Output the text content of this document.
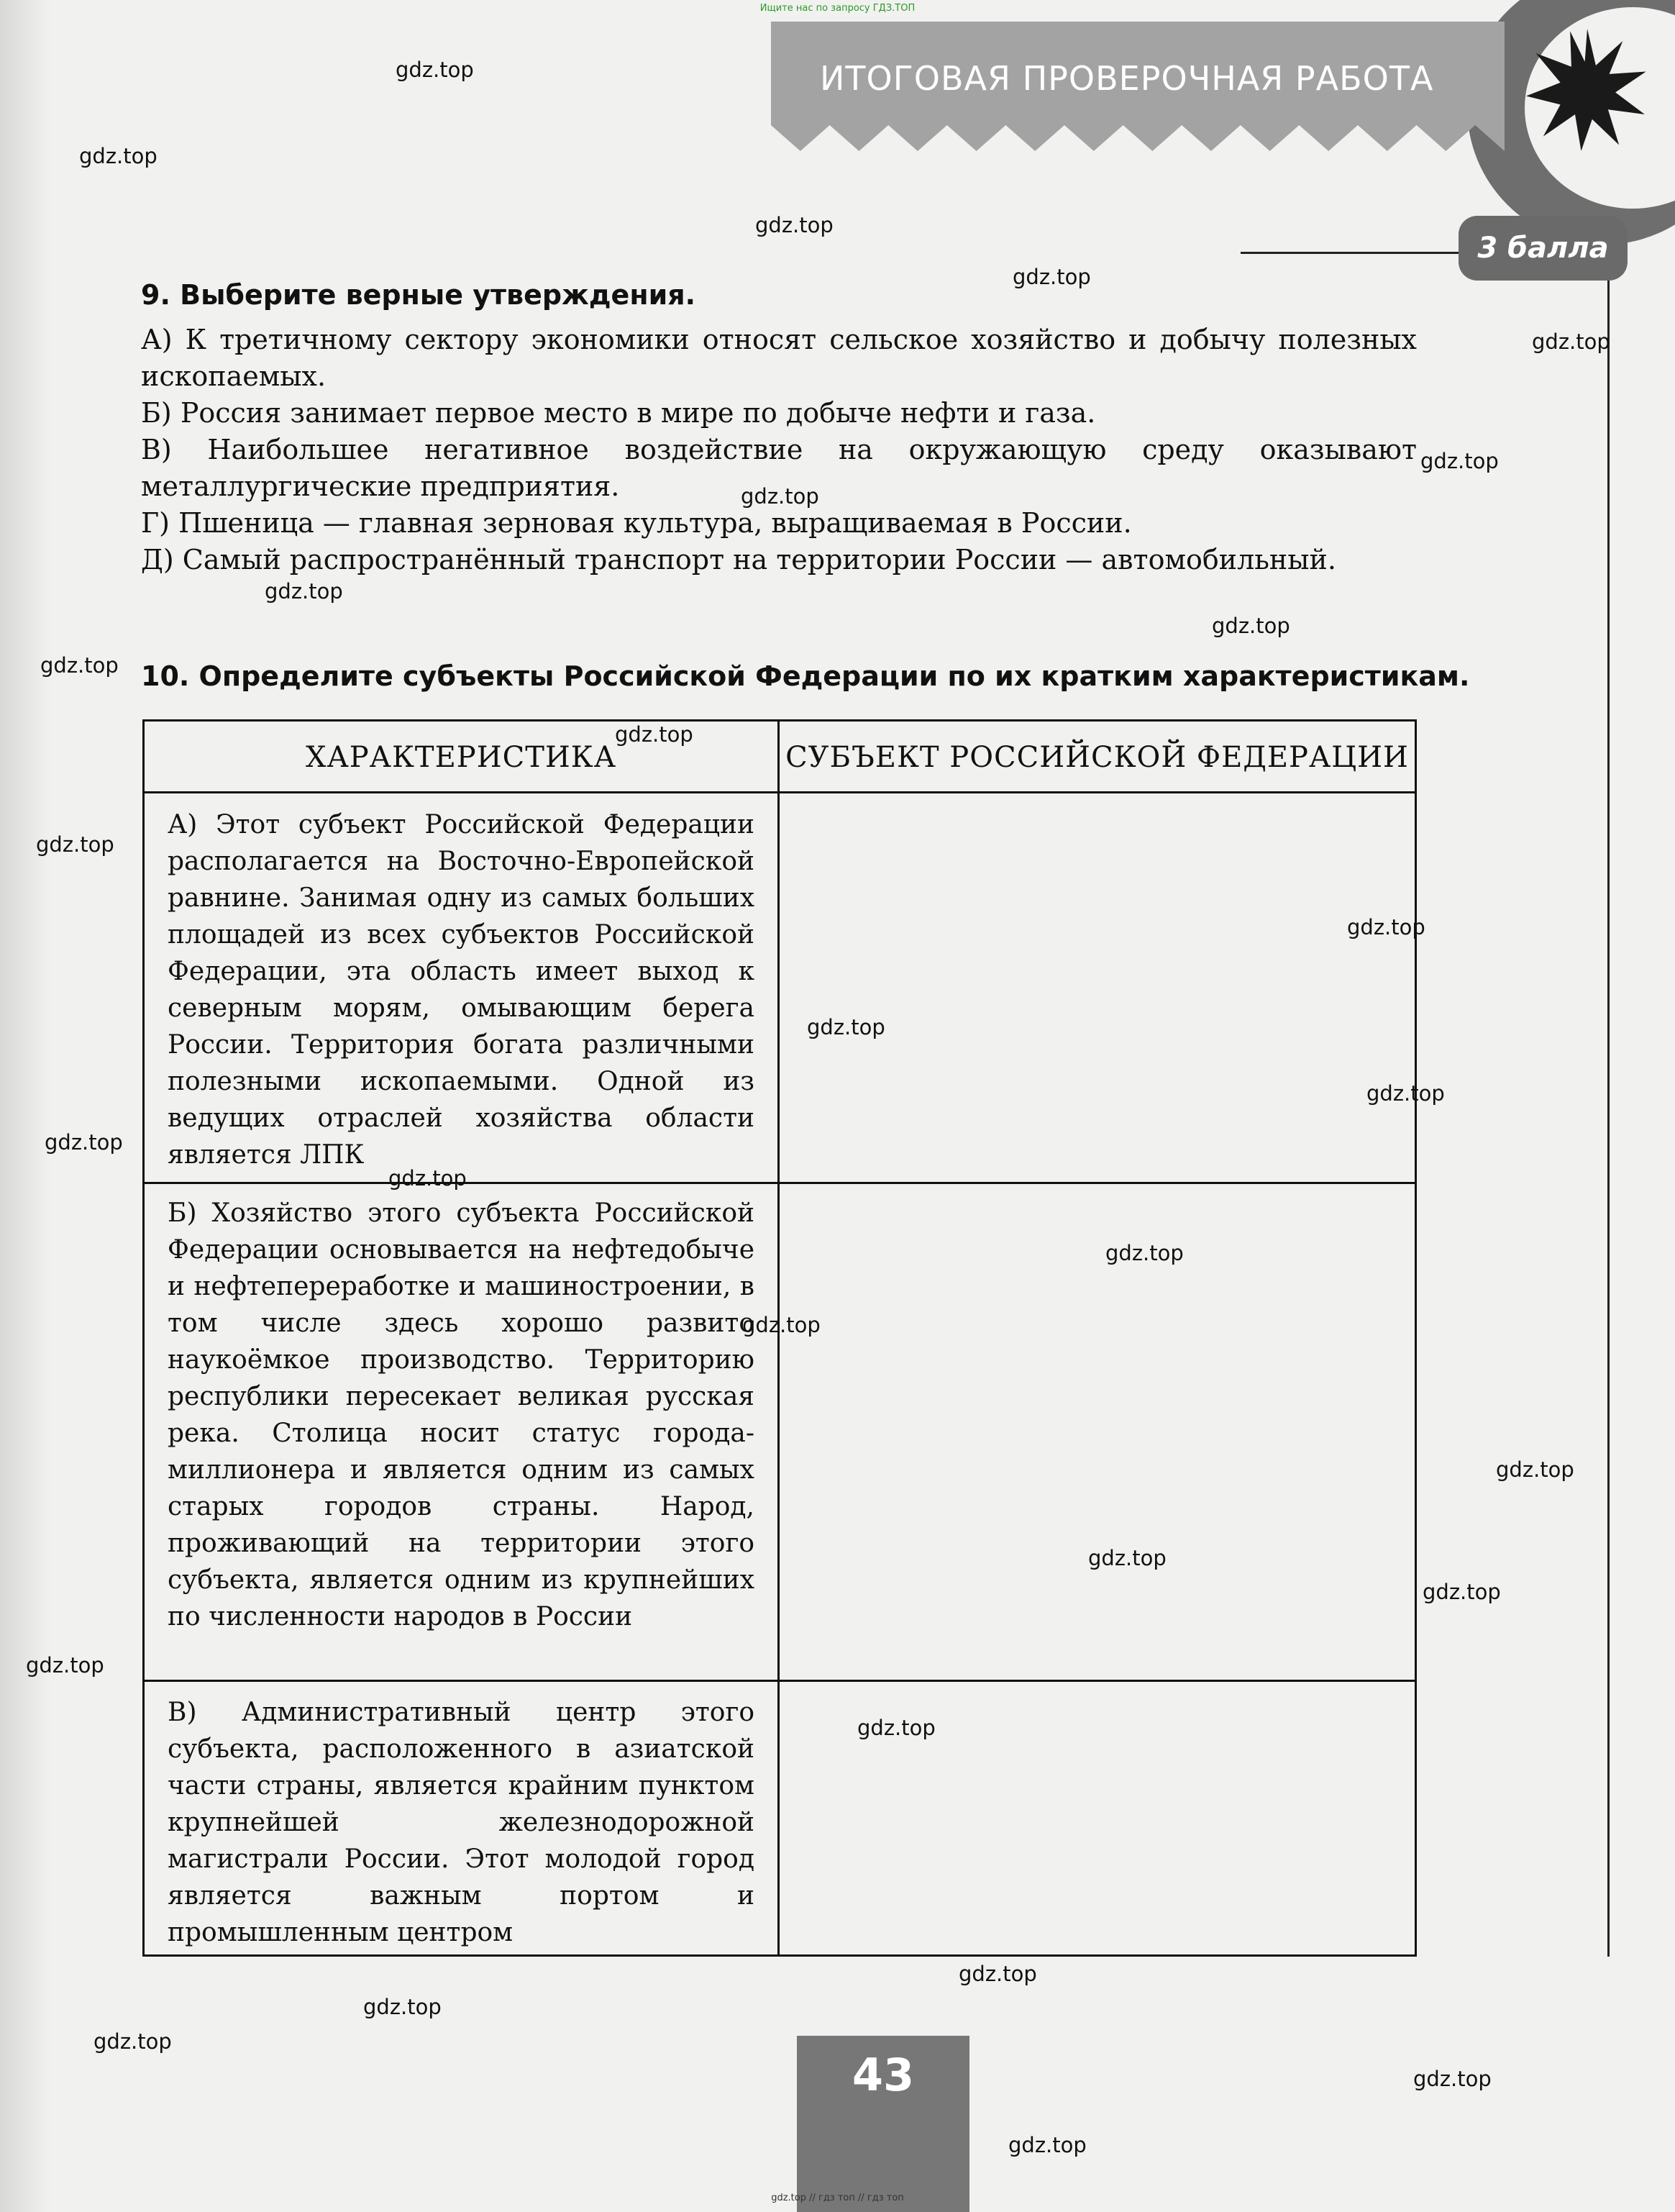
Ищите нас по запросу ГДЗ.ТОП
ИТОГОВАЯ ПРОВЕРОЧНАЯ РАБОТА
3 балла
9. Выберите верные утверждения.

А) К третичному сектору экономики относят сельское хозяйство и добычу полезных ископаемых.

Б) Россия занимает первое место в мире по добыче нефти и газа.

В) Наибольшее негативное воздействие на окружающую среду оказывают металлургические предприятия.

Г) Пшеница — главная зерновая культура, выращиваемая в России.

Д) Самый распространённый транспорт на территории России — автомобильный.

10. Определите субъекты Российской Федерации по их кратким характеристикам.
ХАРАКТЕРИСТИКА	СУБЪЕКТ РОССИЙСКОЙ ФЕДЕРАЦИИ
А) Этот субъект Российской Федерации располагается на Восточно-Европейской равнине. Занимая одну из самых больших площадей из всех субъектов Российской Федерации, эта область имеет выход к северным морям, омывающим берега России. Территория богата различными полезными ископаемыми. Одной из ведущих отраслей хозяйства области является ЛПК
Б) Хозяйство этого субъекта Российской Федерации основывается на нефтедобыче и нефтепереработке и машиностроении, в том числе здесь хорошо развито наукоёмкое производство. Территорию республики пересекает великая русская река. Столица носит статус города-миллионера и является одним из самых старых городов страны. Народ, проживающий на территории этого субъекта, является одним из крупнейших по численности народов в России
В) Административный центр этого субъекта, расположенного в азиатской части страны, является крайним пунктом крупнейшей железнодорожной магистрали России. Этот молодой город является важным портом и промышленным центром
43
gdz.top
gdz.top
gdz.top
gdz.top
gdz.top
gdz.top
gdz.top
gdz.top
gdz.top
gdz.top
gdz.top
gdz.top
gdz.top
gdz.top
gdz.top
gdz.top
gdz.top
gdz.top
gdz.top
gdz.top
gdz.top
gdz.top
gdz.top
gdz.top
gdz.top
gdz.top
gdz.top
gdz.top
gdz.top
gdz.top // гдз топ // гдз топ
